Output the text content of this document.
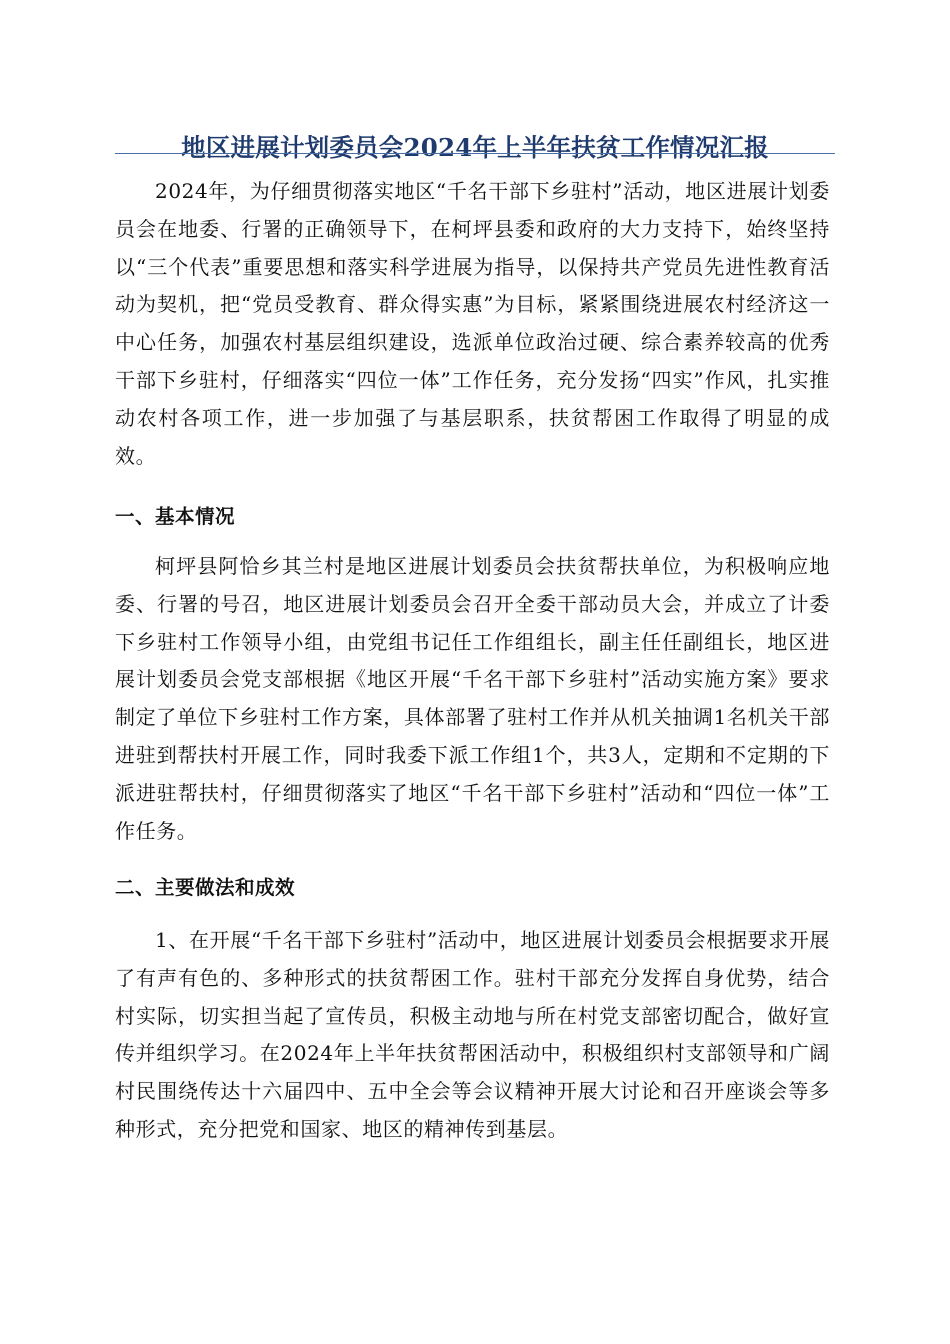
地区进展计划委员会2024年上半年扶贫工作情况汇报

2024年，为仔细贯彻落实地区“千名干部下乡驻村”活动，地区进展计划委员会在地委、行署的正确领导下，在柯坪县委和政府的大力支持下，始终坚持以“三个代表”重要思想和落实科学进展为指导，以保持共产党员先进性教育活动为契机，把“党员受教育、群众得实惠”为目标，紧紧围绕进展农村经济这一中心任务，加强农村基层组织建设，选派单位政治过硬、综合素养较高的优秀干部下乡驻村，仔细落实“四位一体”工作任务，充分发扬“四实”作风，扎实推动农村各项工作，进一步加强了与基层职系，扶贫帮困工作取得了明显的成效。

一、基本情况

柯坪县阿恰乡其兰村是地区进展计划委员会扶贫帮扶单位，为积极响应地委、行署的号召，地区进展计划委员会召开全委干部动员大会，并成立了计委下乡驻村工作领导小组，由党组书记任工作组组长，副主任任副组长，地区进展计划委员会党支部根据《地区开展“千名干部下乡驻村”活动实施方案》要求制定了单位下乡驻村工作方案，具体部署了驻村工作并从机关抽调1名机关干部进驻到帮扶村开展工作，同时我委下派工作组1个，共3人，定期和不定期的下派进驻帮扶村，仔细贯彻落实了地区“千名干部下乡驻村”活动和“四位一体”工作任务。

二、主要做法和成效

1、在开展“千名干部下乡驻村”活动中，地区进展计划委员会根据要求开展了有声有色的、多种形式的扶贫帮困工作。驻村干部充分发挥自身优势，结合村实际，切实担当起了宣传员，积极主动地与所在村党支部密切配合，做好宣传并组织学习。在2024年上半年扶贫帮困活动中，积极组织村支部领导和广阔村民围绕传达十六届四中、五中全会等会议精神开展大讨论和召开座谈会等多种形式，充分把党和国家、地区的精神传到基层。
